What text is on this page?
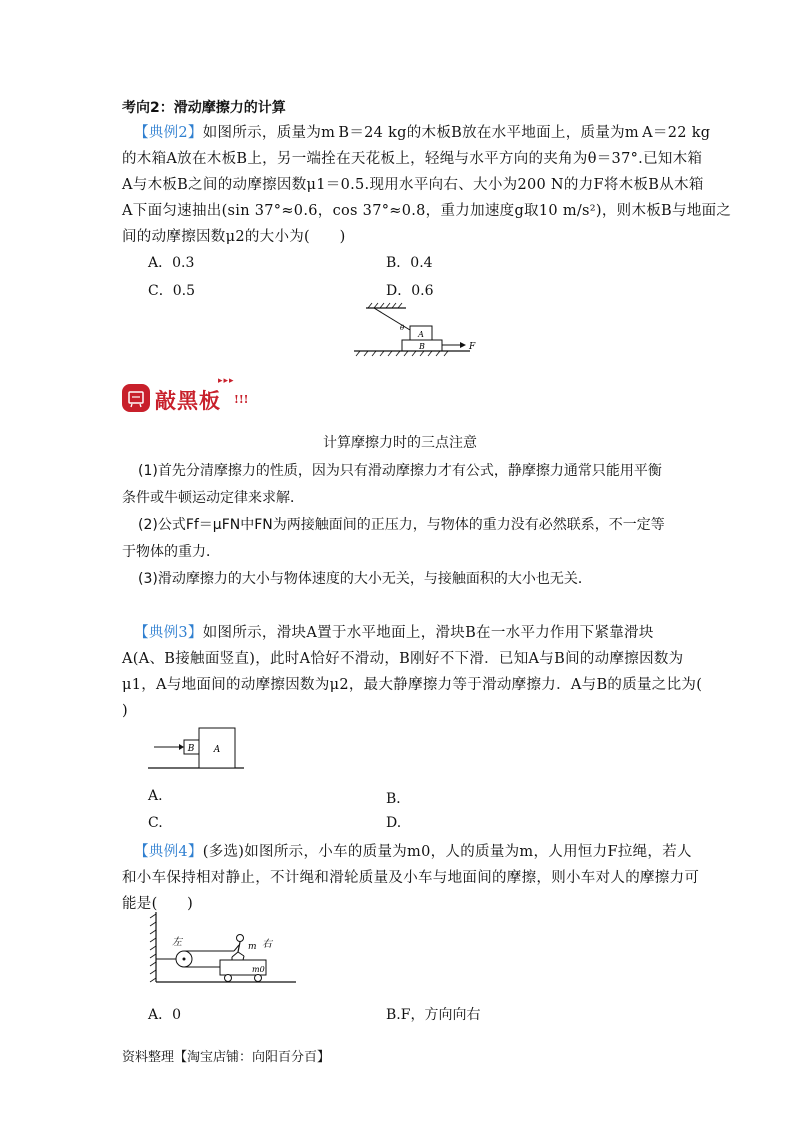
考向2：滑动摩擦力的计算
【典例2】如图所示，质量为m B＝24 kg的木板B放在水平地面上，质量为m A＝22 kg
的木箱A放在木板B上，另一端拴在天花板上，轻绳与水平方向的夹角为θ＝37°.已知木箱
A与木板B之间的动摩擦因数μ1＝0.5.现用水平向右、大小为200 N的力F将木板B从木箱
A下面匀速抽出(sin 37°≈0.6，cos 37°≈0.8，重力加速度g取10 m/s²)，则木板B与地面之
间的动摩擦因数μ2的大小为(　　)
A．0.3	B．0.4
C．0.5	D．0.6
A
B	F
θ
▸▸▸
敲黑板 !!!
计算摩擦力时的三点注意
(1)首先分清摩擦力的性质，因为只有滑动摩擦力才有公式，静摩擦力通常只能用平衡
条件或牛顿运动定律来求解．
(2)公式Ff＝μFN中FN为两接触面间的正压力，与物体的重力没有必然联系，不一定等
于物体的重力．
(3)滑动摩擦力的大小与物体速度的大小无关，与接触面积的大小也无关．
【典例3】如图所示，滑块A置于水平地面上，滑块B在一水平力作用下紧靠滑块
A(A、B接触面竖直)，此时A恰好不滑动，B刚好不下滑．已知A与B间的动摩擦因数为
μ1，A与地面间的动摩擦因数为μ2，最大静摩擦力等于滑动摩擦力．A与B的质量之比为(
)
B A
A.	B．
C.	D.
【典例4】(多选)如图所示，小车的质量为m0，人的质量为m，人用恒力F拉绳，若人
和小车保持相对静止，不计绳和滑轮质量及小车与地面间的摩擦，则小车对人的摩擦力可
能是(　　)
左	右
m
m0
A．0	B.F，方向向右
资料整理【淘宝店铺：向阳百分百】
